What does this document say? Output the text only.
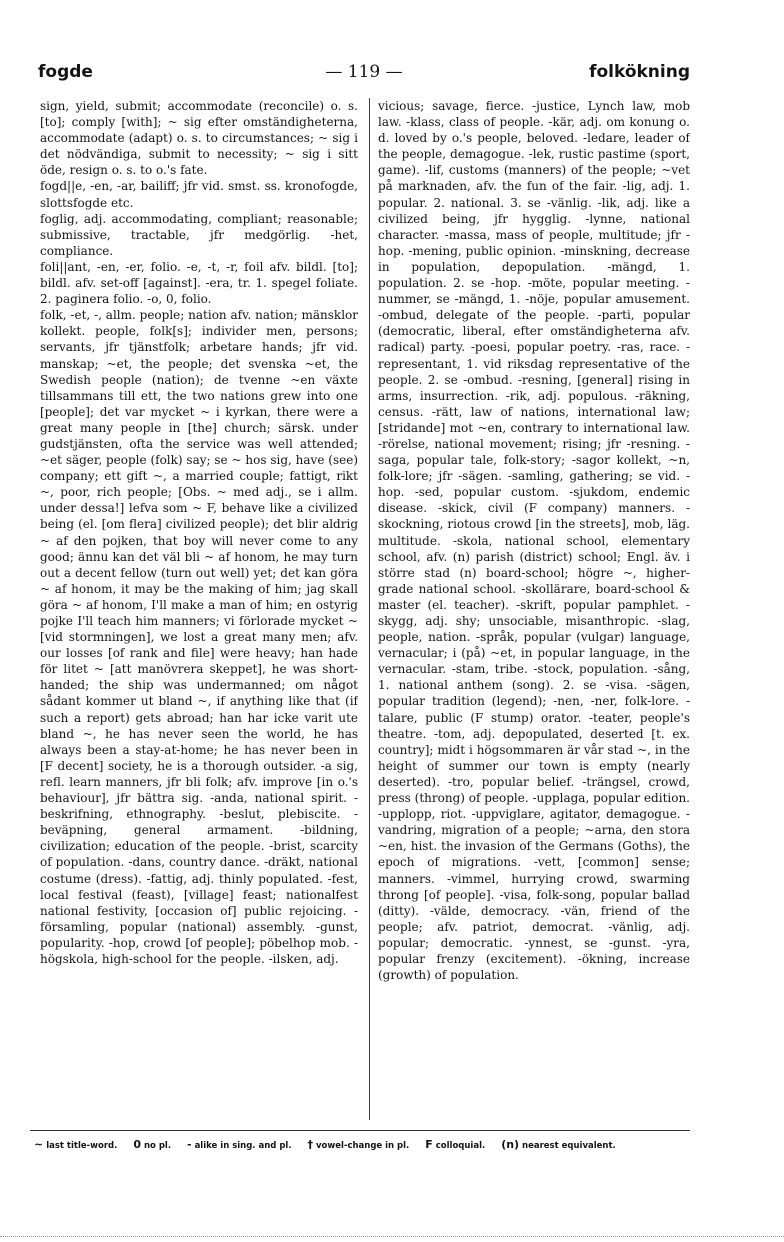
fogde	— 119 —	folkökning

sign, yield, submit; accommodate (reconcile) o. s. [to]; comply [with]; ~ sig efter omständigheterna, accommodate (adapt) o. s. to circumstances; ~ sig i det nödvändiga, submit to necessity; ~ sig i sitt öde, resign o. s. to o.'s fate.

fogd||e, -en, -ar, bailiff; jfr vid. smst. ss. kronofogde, slottsfogde etc.

foglig, adj. accommodating, compliant; reasonable; submissive, tractable, jfr medgörlig. -het, compliance.

foli||ant, -en, -er, folio. -e, -t, -r, foil afv. bildl. [to]; bildl. afv. set-off [against]. -era, tr. 1. spegel foliate. 2. paginera folio. -o, 0, folio.

folk, -et, -, allm. people; nation afv. nation; mänsklor kollekt. people, folk[s]; individer men, persons; servants, jfr tjänstfolk; arbetare hands; jfr vid. manskap; ~et, the people; det svenska ~et, the Swedish people (nation); de tvenne ~en växte tillsammans till ett, the two nations grew into one [people]; det var mycket ~ i kyrkan, there were a great many people in [the] church; särsk. under gudstjänsten, ofta the service was well attended; ~et säger, people (folk) say; se ~ hos sig, have (see) company; ett gift ~, a married couple; fattigt, rikt ~, poor, rich people; [Obs. ~ med adj., se i allm. under dessa!] lefva som ~ F, behave like a civilized being (el. [om flera] civilized people); det blir aldrig ~ af den pojken, that boy will never come to any good; ännu kan det väl bli ~ af honom, he may turn out a decent fellow (turn out well) yet; det kan göra ~ af honom, it may be the making of him; jag skall göra ~ af honom, I'll make a man of him; en ostyrig pojke I'll teach him manners; vi förlorade mycket ~ [vid stormningen], we lost a great many men; afv. our losses [of rank and file] were heavy; han hade för litet ~ [att manövrera skeppet], he was short-handed; the ship was undermanned; om något sådant kommer ut bland ~, if anything like that (if such a report) gets abroad; han har icke varit ute bland ~, he has never seen the world, he has always been a stay-at-home; he has never been in [F decent] society, he is a thorough outsider. -a sig, refl. learn manners, jfr bli folk; afv. improve [in o.'s behaviour], jfr bättra sig. -anda, national spirit. -beskrifning, ethnography. -beslut, plebiscite. -beväpning, general armament. -bildning, civilization; education of the people. -brist, scarcity of population. -dans, country dance. -dräkt, national costume (dress). -fattig, adj. thinly populated. -fest, local festival (feast), [village] feast; nationalfest national festivity, [occasion of] public rejoicing. -församling, popular (national) assembly. -gunst, popularity. -hop, crowd [of people]; pöbelhop mob. -högskola, high-school for the people. -ilsken, adj.

vicious; savage, fierce. -justice, Lynch law, mob law. -klass, class of people. -kär, adj. om konung o. d. loved by o.'s people, beloved. -ledare, leader of the people, demagogue. -lek, rustic pastime (sport, game). -lif, customs (manners) of the people; ~vet på marknaden, afv. the fun of the fair. -lig, adj. 1. popular. 2. national. 3. se -vänlig. -lik, adj. like a civilized being, jfr hygglig. -lynne, national character. -massa, mass of people, multitude; jfr -hop. -mening, public opinion. -minskning, decrease in population, depopulation. -mängd, 1. population. 2. se -hop. -möte, popular meeting. -nummer, se -mängd, 1. -nöje, popular amusement. -ombud, delegate of the people. -parti, popular (democratic, liberal, efter omständigheterna afv. radical) party. -poesi, popular poetry. -ras, race. -representant, 1. vid riksdag representative of the people. 2. se -ombud. -resning, [general] rising in arms, insurrection. -rik, adj. populous. -räkning, census. -rätt, law of nations, international law; [stridande] mot ~en, contrary to international law. -rörelse, national movement; rising; jfr -resning. -saga, popular tale, folk-story; -sagor kollekt, ~n, folk-lore; jfr -sägen. -samling, gathering; se vid. -hop. -sed, popular custom. -sjukdom, endemic disease. -skick, civil (F company) manners. -skockning, riotous crowd [in the streets], mob, läg. multitude. -skola, national school, elementary school, afv. (n) parish (district) school; Engl. äv. i större stad (n) board-school; högre ~, higher-grade national school. -skollärare, board-school & master (el. teacher). -skrift, popular pamphlet. -skygg, adj. shy; unsociable, misanthropic. -slag, people, nation. -språk, popular (vulgar) language, vernacular; i (på) ~et, in popular language, in the vernacular. -stam, tribe. -stock, population. -sång, 1. national anthem (song). 2. se -visa. -sägen, popular tradition (legend); -nen, -ner, folk-lore. -talare, public (F stump) orator. -teater, people's theatre. -tom, adj. depopulated, deserted [t. ex. country]; midt i högsommaren är vår stad ~, in the height of summer our town is empty (nearly deserted). -tro, popular belief. -trängsel, crowd, press (throng) of people. -upplaga, popular edition. -upplopp, riot. -uppviglare, agitator, demagogue. -vandring, migration of a people; ~arna, den stora ~en, hist. the invasion of the Germans (Goths), the epoch of migrations. -vett, [common] sense; manners. -vimmel, hurrying crowd, swarming throng [of people]. -visa, folk-song, popular ballad (ditty). -välde, democracy. -vän, friend of the people; afv. patriot, democrat. -vänlig, adj. popular; democratic. -ynnest, se -gunst. -yra, popular frenzy (excitement). -ökning, increase (growth) of population.

~ last title-word. 0 no pl. - alike in sing. and pl. † vowel-change in pl. F colloquial. (n) nearest equivalent.
